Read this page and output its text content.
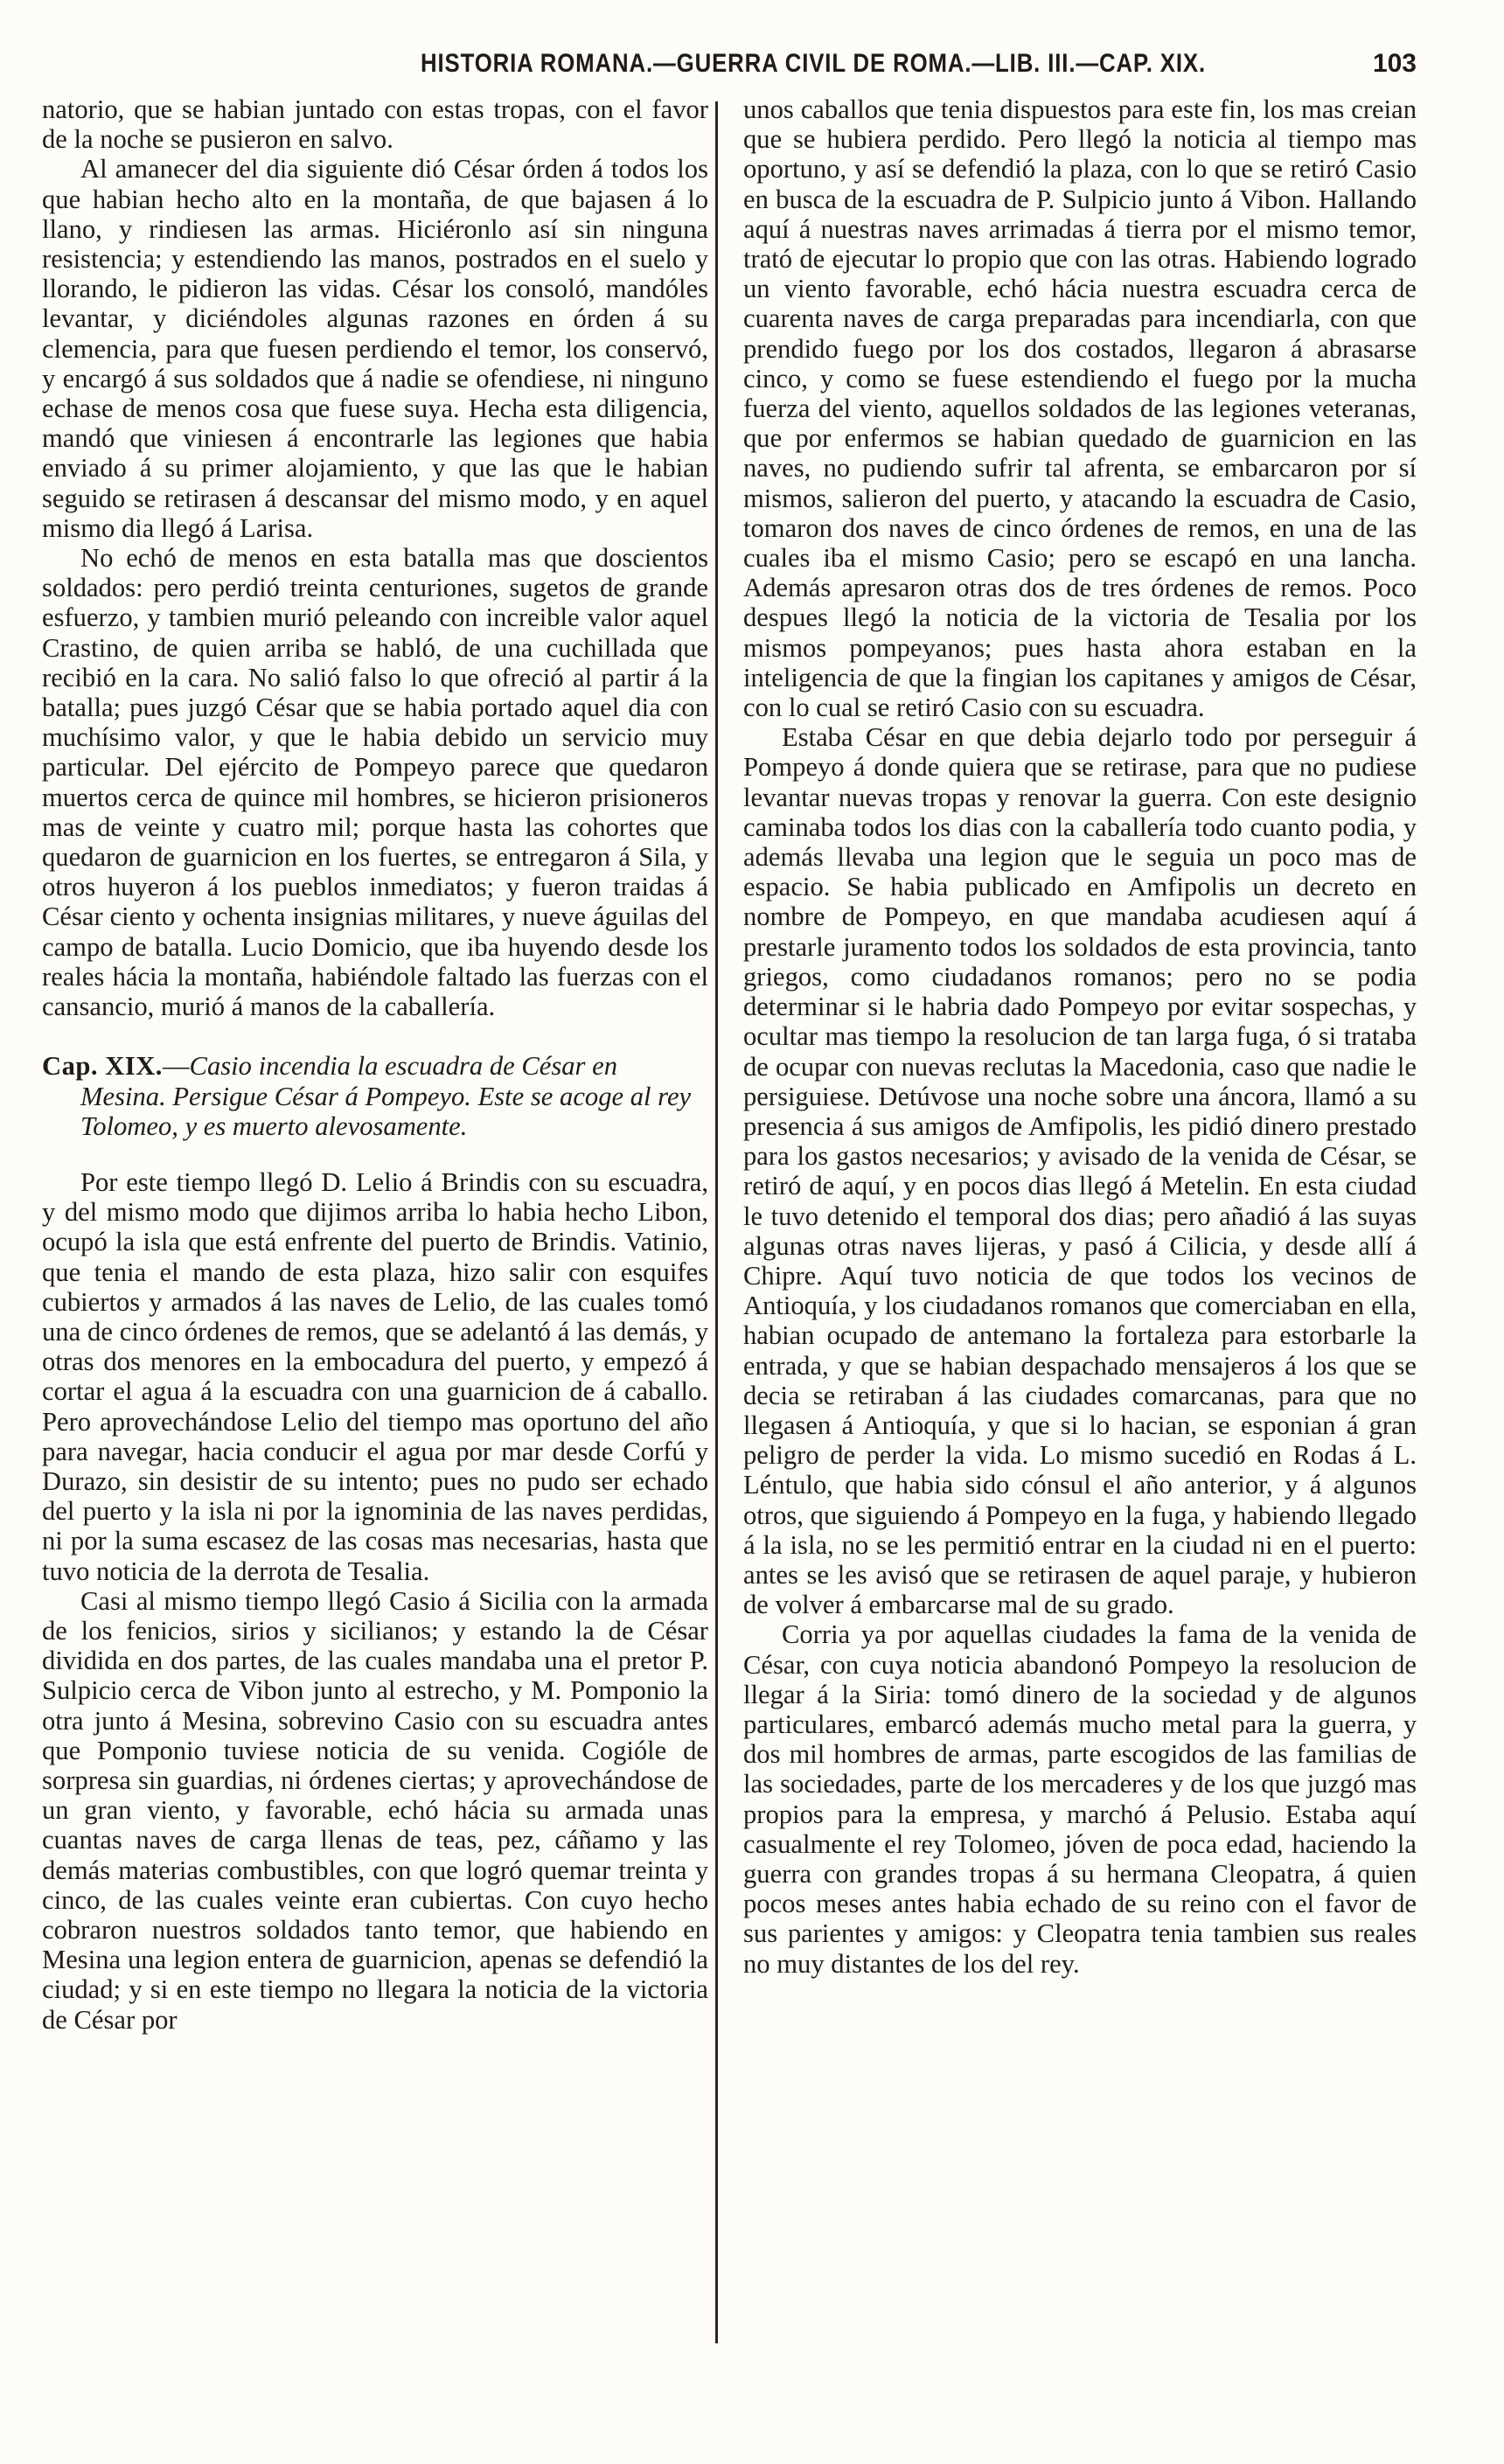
HISTORIA ROMANA.—GUERRA CIVIL DE ROMA.—LIB. III.—CAP. XIX.	103

natorio, que se habian juntado con estas tropas, con el favor de la noche se pusieron en salvo.

Al amanecer del dia siguiente dió César órden á todos los que habian hecho alto en la montaña, de que bajasen á lo llano, y rindiesen las armas. Hiciéronlo así sin ninguna resistencia; y estendiendo las manos, postrados en el suelo y llorando, le pidieron las vidas. César los consoló, mandóles levantar, y diciéndoles algunas razones en órden á su clemencia, para que fuesen perdiendo el temor, los conservó, y encargó á sus soldados que á nadie se ofendiese, ni ninguno echase de menos cosa que fuese suya. Hecha esta diligencia, mandó que viniesen á encontrarle las legiones que habia enviado á su primer alojamiento, y que las que le habian seguido se retirasen á descansar del mismo modo, y en aquel mismo dia llegó á Larisa.

No echó de menos en esta batalla mas que doscientos soldados: pero perdió treinta centuriones, sugetos de grande esfuerzo, y tambien murió peleando con increible valor aquel Crastino, de quien arriba se habló, de una cuchillada que recibió en la cara. No salió falso lo que ofreció al partir á la batalla; pues juzgó César que se habia portado aquel dia con muchísimo valor, y que le habia debido un servicio muy particular. Del ejército de Pompeyo parece que quedaron muertos cerca de quince mil hombres, se hicieron prisioneros mas de veinte y cuatro mil; porque hasta las cohortes que quedaron de guarnicion en los fuertes, se entregaron á Sila, y otros huyeron á los pueblos inmediatos; y fueron traidas á César ciento y ochenta insignias militares, y nueve águilas del campo de batalla. Lucio Domicio, que iba huyendo desde los reales hácia la montaña, habiéndole faltado las fuerzas con el cansancio, murió á manos de la caballería.

Cap. XIX.—Casio incendia la escuadra de César en Mesina. Persigue César á Pompeyo. Este se acoge al rey Tolomeo, y es muerto alevosamente.

Por este tiempo llegó D. Lelio á Brindis con su escuadra, y del mismo modo que dijimos arriba lo habia hecho Libon, ocupó la isla que está enfrente del puerto de Brindis. Vatinio, que tenia el mando de esta plaza, hizo salir con esquifes cubiertos y armados á las naves de Lelio, de las cuales tomó una de cinco órdenes de remos, que se adelantó á las demás, y otras dos menores en la embocadura del puerto, y empezó á cortar el agua á la escuadra con una guarnicion de á caballo. Pero aprovechándose Lelio del tiempo mas oportuno del año para navegar, hacia conducir el agua por mar desde Corfú y Durazo, sin desistir de su intento; pues no pudo ser echado del puerto y la isla ni por la ignominia de las naves perdidas, ni por la suma escasez de las cosas mas necesarias, hasta que tuvo noticia de la derrota de Tesalia.

Casi al mismo tiempo llegó Casio á Sicilia con la armada de los fenicios, sirios y sicilianos; y estando la de César dividida en dos partes, de las cuales mandaba una el pretor P. Sulpicio cerca de Vibon junto al estrecho, y M. Pomponio la otra junto á Mesina, sobrevino Casio con su escuadra antes que Pomponio tuviese noticia de su venida. Cogióle de sorpresa sin guardias, ni órdenes ciertas; y aprovechándose de un gran viento, y favorable, echó hácia su armada unas cuantas naves de carga llenas de teas, pez, cáñamo y las demás materias combustibles, con que logró quemar treinta y cinco, de las cuales veinte eran cubiertas. Con cuyo hecho cobraron nuestros soldados tanto temor, que habiendo en Mesina una legion entera de guarnicion, apenas se defendió la ciudad; y si en este tiempo no llegara la noticia de la victoria de César por

unos caballos que tenia dispuestos para este fin, los mas creian que se hubiera perdido. Pero llegó la noticia al tiempo mas oportuno, y así se defendió la plaza, con lo que se retiró Casio en busca de la escuadra de P. Sulpicio junto á Vibon. Hallando aquí á nuestras naves arrimadas á tierra por el mismo temor, trató de ejecutar lo propio que con las otras. Habiendo logrado un viento favorable, echó hácia nuestra escuadra cerca de cuarenta naves de carga preparadas para incendiarla, con que prendido fuego por los dos costados, llegaron á abrasarse cinco, y como se fuese estendiendo el fuego por la mucha fuerza del viento, aquellos soldados de las legiones veteranas, que por enfermos se habian quedado de guarnicion en las naves, no pudiendo sufrir tal afrenta, se embarcaron por sí mismos, salieron del puerto, y atacando la escuadra de Casio, tomaron dos naves de cinco órdenes de remos, en una de las cuales iba el mismo Casio; pero se escapó en una lancha. Además apresaron otras dos de tres órdenes de remos. Poco despues llegó la noticia de la victoria de Tesalia por los mismos pompeyanos; pues hasta ahora estaban en la inteligencia de que la fingian los capitanes y amigos de César, con lo cual se retiró Casio con su escuadra.

Estaba César en que debia dejarlo todo por perseguir á Pompeyo á donde quiera que se retirase, para que no pudiese levantar nuevas tropas y renovar la guerra. Con este designio caminaba todos los dias con la caballería todo cuanto podia, y además llevaba una legion que le seguia un poco mas de espacio. Se habia publicado en Amfipolis un decreto en nombre de Pompeyo, en que mandaba acudiesen aquí á prestarle juramento todos los soldados de esta provincia, tanto griegos, como ciudadanos romanos; pero no se podia determinar si le habria dado Pompeyo por evitar sospechas, y ocultar mas tiempo la resolucion de tan larga fuga, ó si trataba de ocupar con nuevas reclutas la Macedonia, caso que nadie le persiguiese. Detúvose una noche sobre una áncora, llamó a su presencia á sus amigos de Amfipolis, les pidió dinero prestado para los gastos necesarios; y avisado de la venida de César, se retiró de aquí, y en pocos dias llegó á Metelin. En esta ciudad le tuvo detenido el temporal dos dias; pero añadió á las suyas algunas otras naves lijeras, y pasó á Cilicia, y desde allí á Chipre. Aquí tuvo noticia de que todos los vecinos de Antioquía, y los ciudadanos romanos que comerciaban en ella, habian ocupado de antemano la fortaleza para estorbarle la entrada, y que se habian despachado mensajeros á los que se decia se retiraban á las ciudades comarcanas, para que no llegasen á Antioquía, y que si lo hacian, se esponian á gran peligro de perder la vida. Lo mismo sucedió en Rodas á L. Léntulo, que habia sido cónsul el año anterior, y á algunos otros, que siguiendo á Pompeyo en la fuga, y habiendo llegado á la isla, no se les permitió entrar en la ciudad ni en el puerto: antes se les avisó que se retirasen de aquel paraje, y hubieron de volver á embarcarse mal de su grado.

Corria ya por aquellas ciudades la fama de la venida de César, con cuya noticia abandonó Pompeyo la resolucion de llegar á la Siria: tomó dinero de la sociedad y de algunos particulares, embarcó además mucho metal para la guerra, y dos mil hombres de armas, parte escogidos de las familias de las sociedades, parte de los mercaderes y de los que juzgó mas propios para la empresa, y marchó á Pelusio. Estaba aquí casualmente el rey Tolomeo, jóven de poca edad, haciendo la guerra con grandes tropas á su hermana Cleopatra, á quien pocos meses antes habia echado de su reino con el favor de sus parientes y amigos: y Cleopatra tenia tambien sus reales no muy distantes de los del rey.
